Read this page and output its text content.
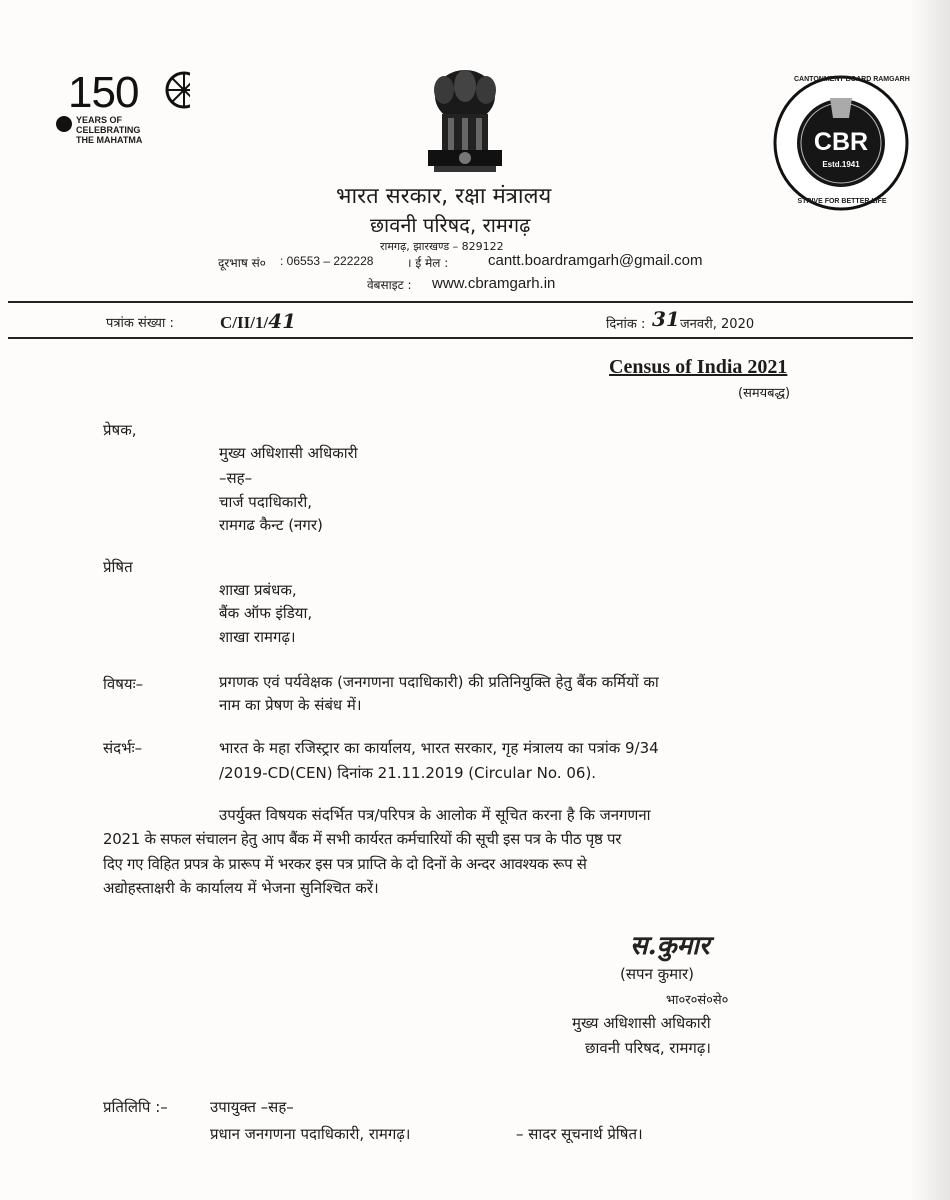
150
YEARS OF
CELEBRATING
THE MAHATMA
CANTONMENT BOARD RAMGARH
CBR
Estd.1941
STRIVE FOR BETTER LIFE
भारत सरकार, रक्षा मंत्रालय
छावनी परिषद, रामगढ़
रामगढ़, झारखण्ड – 829122
दूरभाष सं० : 06553 – 222228	। ई मेल :	cantt.boardramgarh@gmail.com
वेबसाइट : www.cbramgarh.in
पत्रांक संख्या :	C/II/1/41	दिनांक : 31 जनवरी, 2020
Census of India 2021
(समयबद्ध)
प्रेषक,
मुख्य अधिशासी अधिकारी
–सह–
चार्ज पदाधिकारी,
रामगढ कैन्ट (नगर)
प्रेषित
शाखा प्रबंधक,
बैंक ऑफ इंडिया,
शाखा रामगढ़।
विषयः–	प्रगणक एवं पर्यवेक्षक (जनगणना पदाधिकारी) की प्रतिनियुक्ति हेतु बैंक कर्मियों का
नाम का प्रेषण के संबंध में।
संदर्भः–	भारत के महा रजिस्ट्रार का कार्यालय, भारत सरकार, गृह मंत्रालय का पत्रांक 9/34
/2019-CD(CEN) दिनांक 21.11.2019 (Circular No. 06).
उपर्युक्त विषयक संदर्भित पत्र/परिपत्र के आलोक में सूचित करना है कि जनगणना
2021 के सफल संचालन हेतु आप बैंक में सभी कार्यरत कर्मचारियों की सूची इस पत्र के पीठ पृष्ठ पर
दिए गए विहित प्रपत्र के प्रारूप में भरकर इस पत्र प्राप्ति के दो दिनों के अन्दर आवश्यक रूप से
अद्योहस्ताक्षरी के कार्यालय में भेजना सुनिश्चित करें।
स.कुमार
(सपन कुमार)
भा०र०सं०से०
मुख्य अधिशासी अधिकारी
छावनी परिषद, रामगढ़।
प्रतिलिपि :–	उपायुक्त –सह–
प्रधान जनगणना पदाधिकारी, रामगढ़।	– सादर सूचनार्थ प्रेषित।
